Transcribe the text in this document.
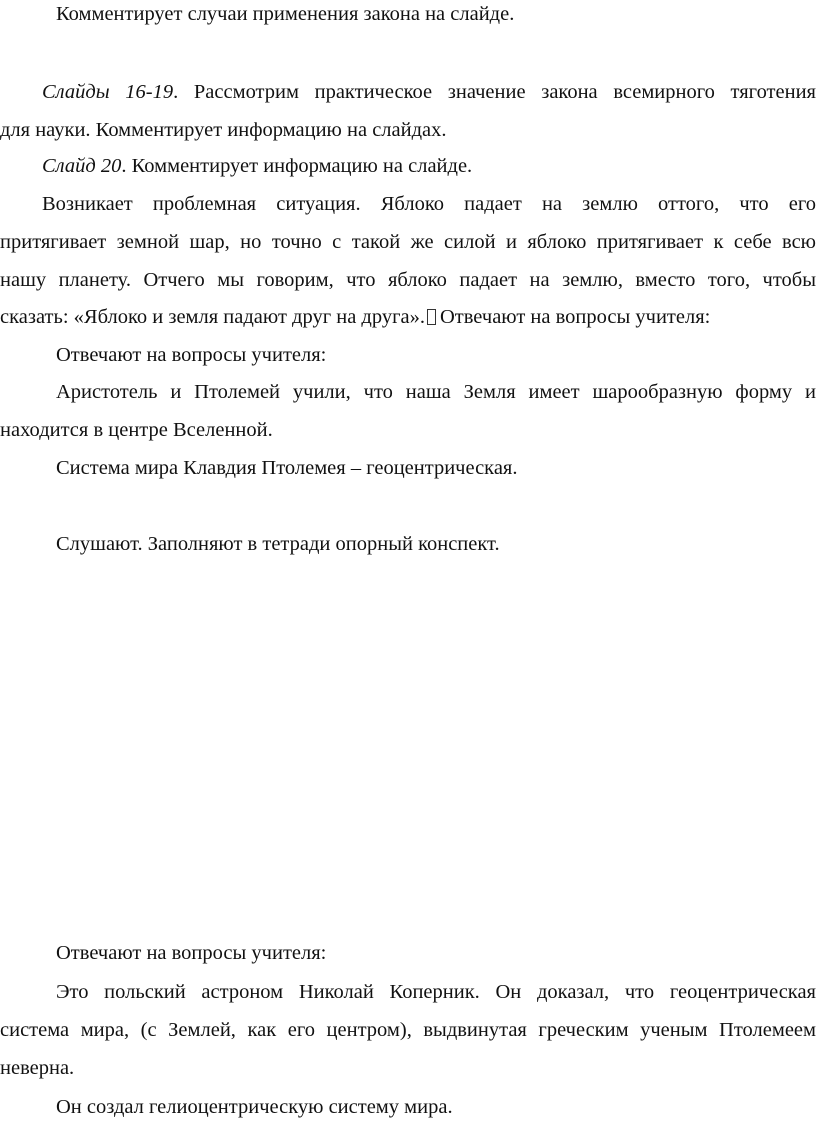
Комментирует случаи применения закона на слайде.
Слайды 16-19. Рассмотрим практическое значение закона всемирного тяготения
для науки. Комментирует информацию на слайдах.
Слайд 20. Комментирует информацию на слайде.
Возникает проблемная ситуация. Яблоко падает на землю оттого, что его
притягивает земной шар, но точно с такой же силой и яблоко притягивает к себе всю
нашу планету. Отчего мы говорим, что яблоко падает на землю, вместо того, чтобы
сказать: «Яблоко и земля падают друг на друга». Отвечают на вопросы учителя:
Отвечают на вопросы учителя:
Аристотель и Птолемей учили, что наша Земля имеет шарообразную форму и
находится в центре Вселенной.
Система мира Клавдия Птолемея – геоцентрическая.
Слушают. Заполняют в тетради опорный конспект.
Отвечают на вопросы учителя:
Это польский астроном Николай Коперник. Он доказал, что геоцентрическая
система мира, (с Землей, как его центром), выдвинутая греческим ученым Птолемеем
неверна.
Он создал гелиоцентрическую систему мира.
